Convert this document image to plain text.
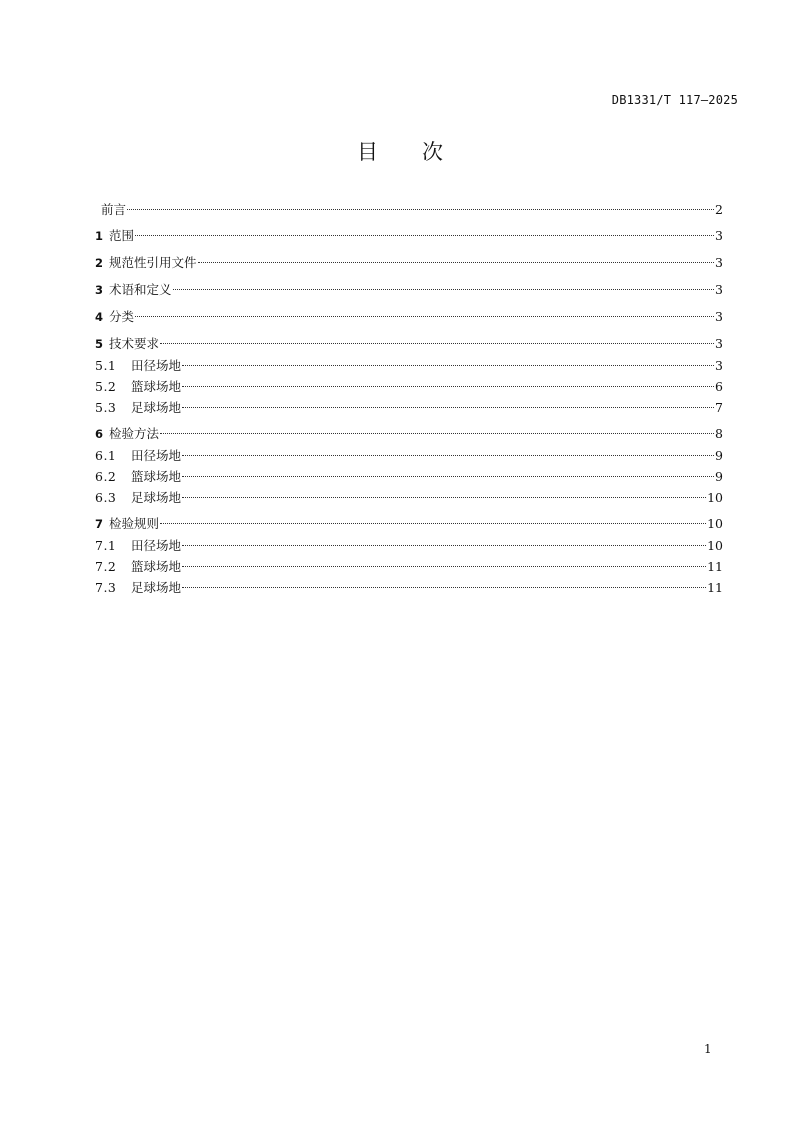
DB1331/T 117—2025
目 次
前言	2
1 范围	3
2 规范性引用文件	3
3 术语和定义	3
4 分类	3
5 技术要求	3
5.1	田径场地	3
5.2	篮球场地	6
5.3	足球场地	7
6 检验方法	8
6.1	田径场地	9
6.2	篮球场地	9
6.3	足球场地	10
7 检验规则	10
7.1	田径场地	10
7.2	篮球场地	11
7.3	足球场地	11
1
